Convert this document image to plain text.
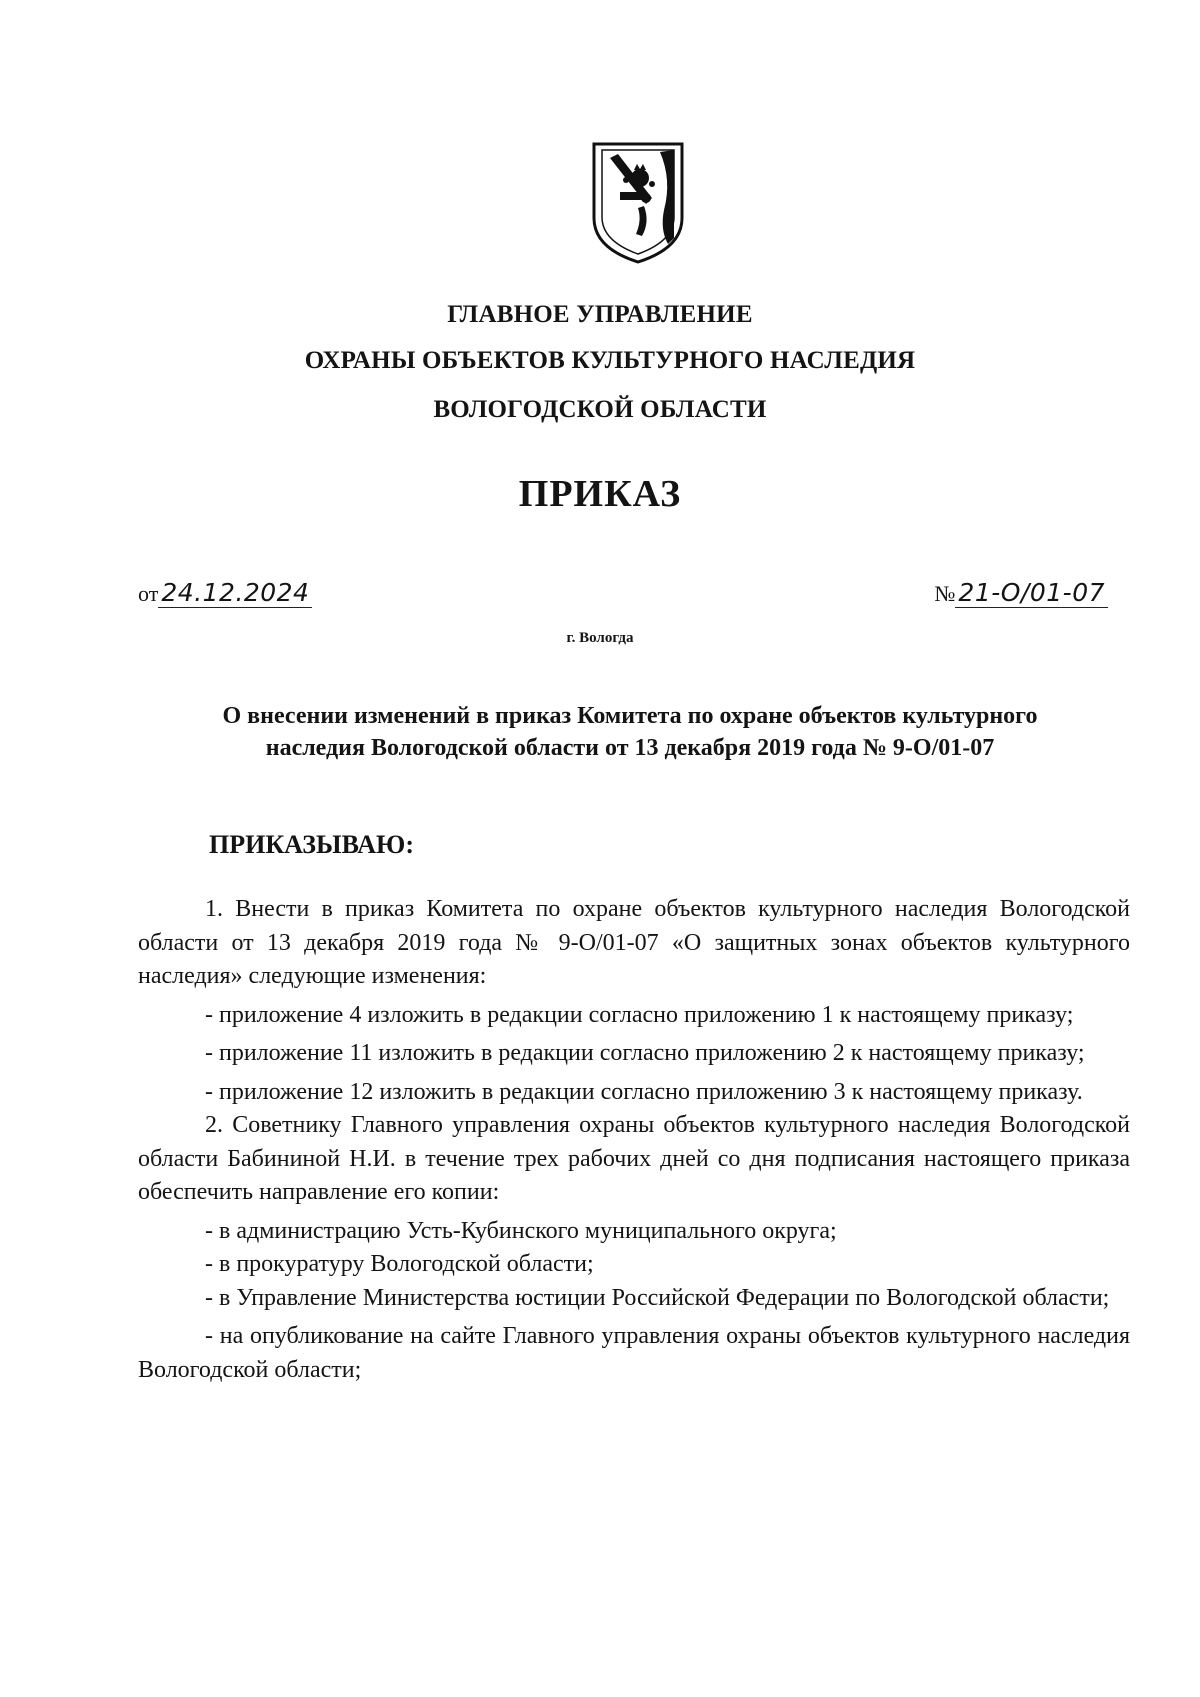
ГЛАВНОЕ УПРАВЛЕНИЕ
ОХРАНЫ ОБЪЕКТОВ КУЛЬТУРНОГО НАСЛЕДИЯ
ВОЛОГОДСКОЙ ОБЛАСТИ
ПРИКАЗ
от 24.12.2024	№ 21-О/01-07
г. Вологда
О внесении изменений в приказ Комитета по охране объектов культурного
наследия Вологодской области от 13 декабря 2019 года № 9-О/01-07
ПРИКАЗЫВАЮ:

1. Внести в приказ Комитета по охране объектов культурного наследия Вологодской области от 13 декабря 2019 года № 9-О/01-07 «О защитных зонах объектов культурного наследия» следующие изменения:

- приложение 4 изложить в редакции согласно приложению 1 к настоящему приказу;

- приложение 11 изложить в редакции согласно приложению 2 к настоящему приказу;

- приложение 12 изложить в редакции согласно приложению 3 к настоящему приказу.

2. Советнику Главного управления охраны объектов культурного наследия Вологодской области Бабининой Н.И. в течение трех рабочих дней со дня подписания настоящего приказа обеспечить направление его копии:

- в администрацию Усть-Кубинского муниципального округа;

- в прокуратуру Вологодской области;

- в Управление Министерства юстиции Российской Федерации по Вологодской области;

- на опубликование на сайте Главного управления охраны объектов культурного наследия Вологодской области;
